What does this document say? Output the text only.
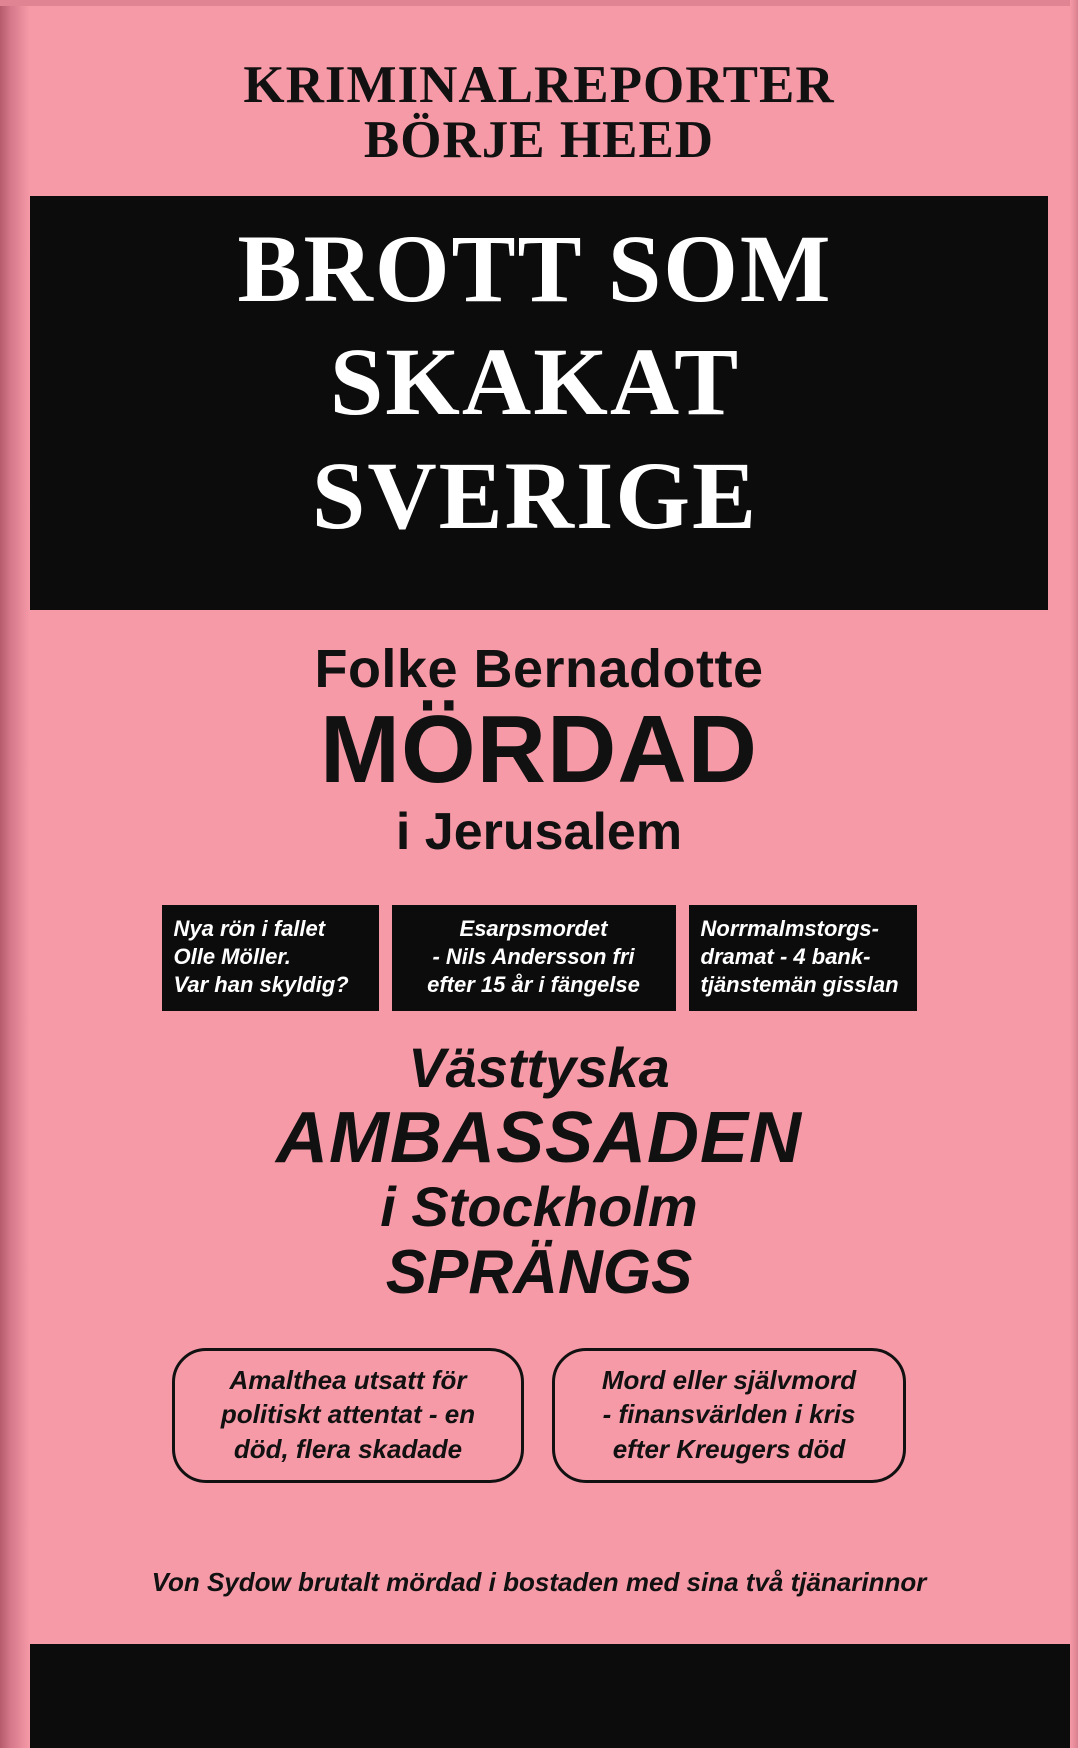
KRIMINALREPORTER
BÖRJE HEED
BROTT SOM
SKAKAT
SVERIGE
Folke Bernadotte
MÖRDAD
i Jerusalem
Nya rön i fallet
Olle Möller.
Var han skyldig?
Esarpsmordet
- Nils Andersson fri
efter 15 år i fängelse
Norrmalmstorgs-
dramat - 4 bank-
tjänstemän gisslan
Västtyska
AMBASSADEN
i Stockholm
SPRÄNGS
Amalthea utsatt för
politiskt attentat - en
död, flera skadade
Mord eller självmord
- finansvärlden i kris
efter Kreugers död
Von Sydow brutalt mördad i bostaden med sina två tjänarinnor
